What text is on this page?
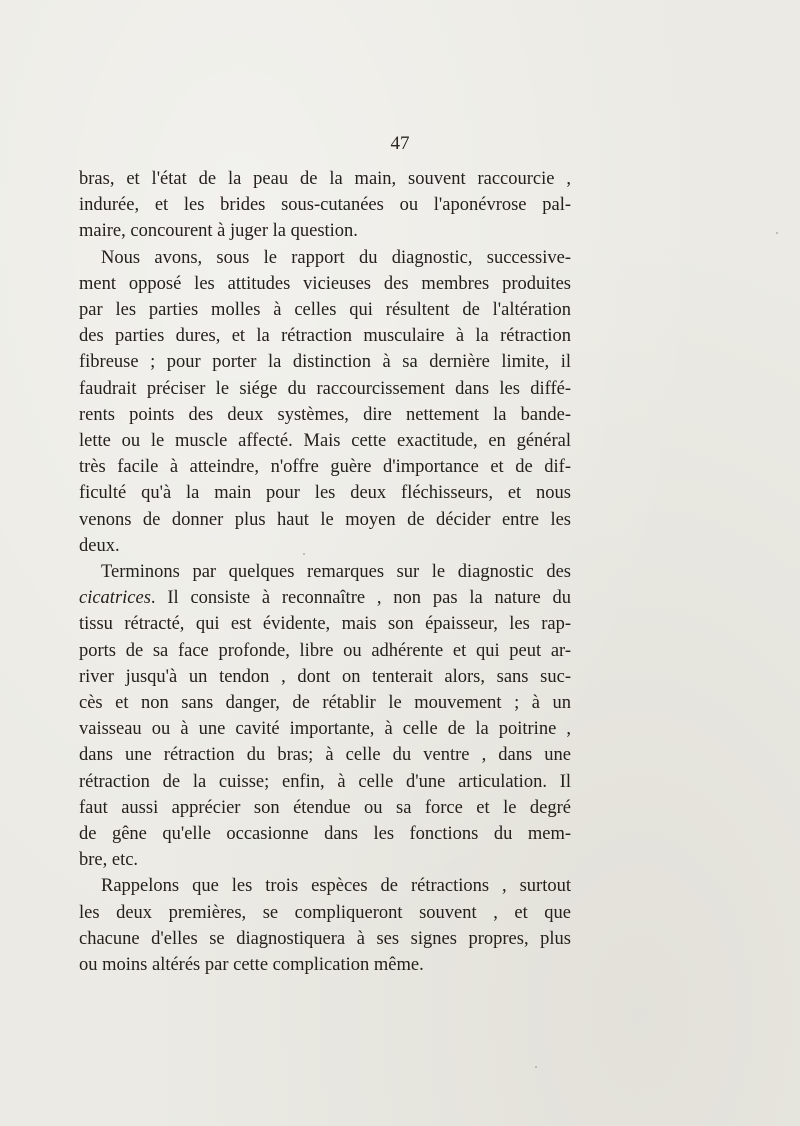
47
bras, et l'état de la peau de la main, souvent raccourcie ,
indurée, et les brides sous-cutanées ou l'aponévrose pal-
maire, concourent à juger la question.
Nous avons, sous le rapport du diagnostic, successive-
ment opposé les attitudes vicieuses des membres produites
par les parties molles à celles qui résultent de l'altération
des parties dures, et la rétraction musculaire à la rétraction
fibreuse ; pour porter la distinction à sa dernière limite, il
faudrait préciser le siége du raccourcissement dans les diffé-
rents points des deux systèmes, dire nettement la bande-
lette ou le muscle affecté. Mais cette exactitude, en général
très facile à atteindre, n'offre guère d'importance et de dif-
ficulté qu'à la main pour les deux fléchisseurs, et nous
venons de donner plus haut le moyen de décider entre les
deux.
Terminons par quelques remarques sur le diagnostic des
cicatrices. Il consiste à reconnaître , non pas la nature du
tissu rétracté, qui est évidente, mais son épaisseur, les rap-
ports de sa face profonde, libre ou adhérente et qui peut ar-
river jusqu'à un tendon , dont on tenterait alors, sans suc-
cès et non sans danger, de rétablir le mouvement ; à un
vaisseau ou à une cavité importante, à celle de la poitrine ,
dans une rétraction du bras; à celle du ventre , dans une
rétraction de la cuisse; enfin, à celle d'une articulation. Il
faut aussi apprécier son étendue ou sa force et le degré
de gêne qu'elle occasionne dans les fonctions du mem-
bre, etc.
Rappelons que les trois espèces de rétractions , surtout
les deux premières, se compliqueront souvent , et que
chacune d'elles se diagnostiquera à ses signes propres, plus
ou moins altérés par cette complication même.
